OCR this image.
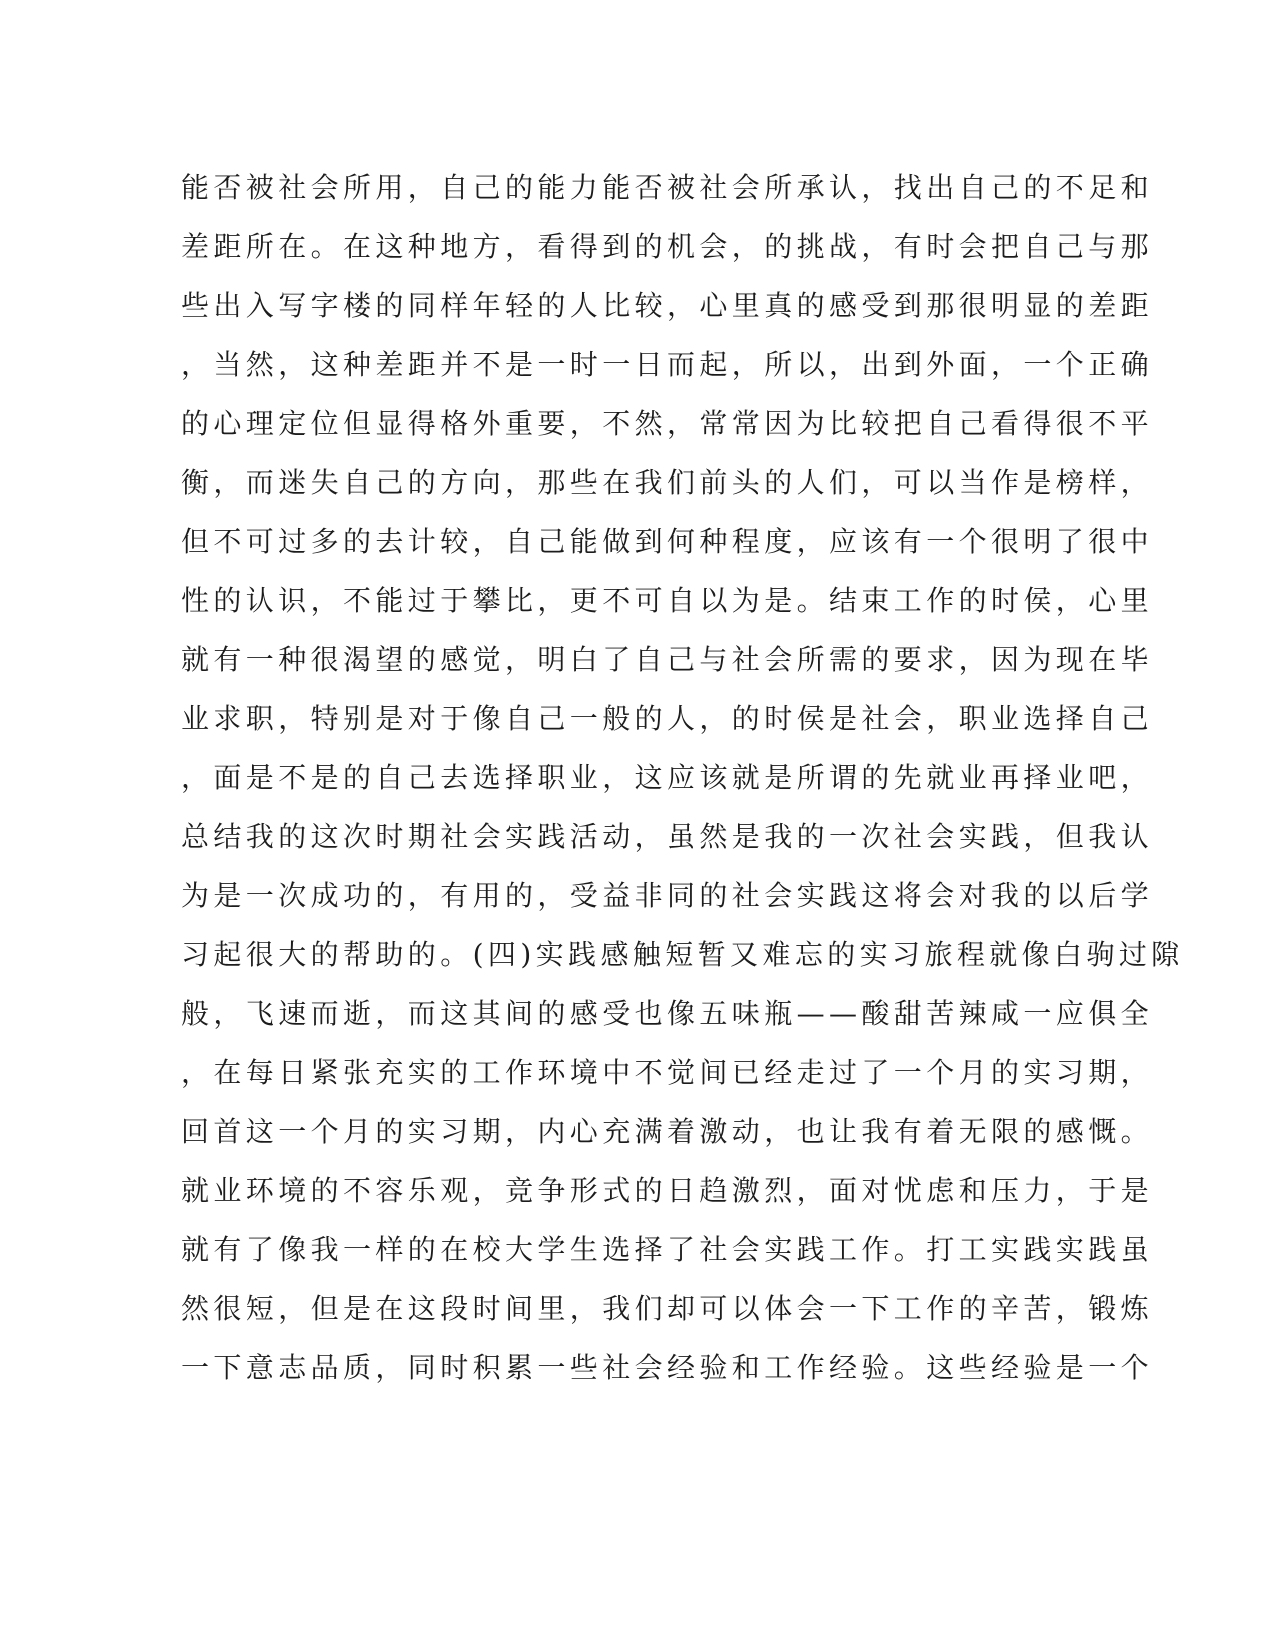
能否被社会所用，自己的能力能否被社会所承认，找出自己的不足和
差距所在。在这种地方，看得到的机会，的挑战，有时会把自己与那
些出入写字楼的同样年轻的人比较，心里真的感受到那很明显的差距
，当然，这种差距并不是一时一日而起，所以，出到外面，一个正确
的心理定位但显得格外重要，不然，常常因为比较把自己看得很不平
衡，而迷失自己的方向，那些在我们前头的人们，可以当作是榜样，
但不可过多的去计较，自己能做到何种程度，应该有一个很明了很中
性的认识，不能过于攀比，更不可自以为是。结束工作的时侯，心里
就有一种很渴望的感觉，明白了自己与社会所需的要求，因为现在毕
业求职，特别是对于像自己一般的人，的时侯是社会，职业选择自己
，面是不是的自己去选择职业，这应该就是所谓的先就业再择业吧，
总结我的这次时期社会实践活动，虽然是我的一次社会实践，但我认
为是一次成功的，有用的，受益非同的社会实践这将会对我的以后学
习起很大的帮助的。(四)实践感触短暂又难忘的实习旅程就像白驹过隙
般，飞速而逝，而这其间的感受也像五味瓶——酸甜苦辣咸一应俱全
，在每日紧张充实的工作环境中不觉间已经走过了一个月的实习期，
回首这一个月的实习期，内心充满着激动，也让我有着无限的感慨。
就业环境的不容乐观，竞争形式的日趋激烈，面对忧虑和压力，于是
就有了像我一样的在校大学生选择了社会实践工作。打工实践实践虽
然很短，但是在这段时间里，我们却可以体会一下工作的辛苦，锻炼
一下意志品质，同时积累一些社会经验和工作经验。这些经验是一个
